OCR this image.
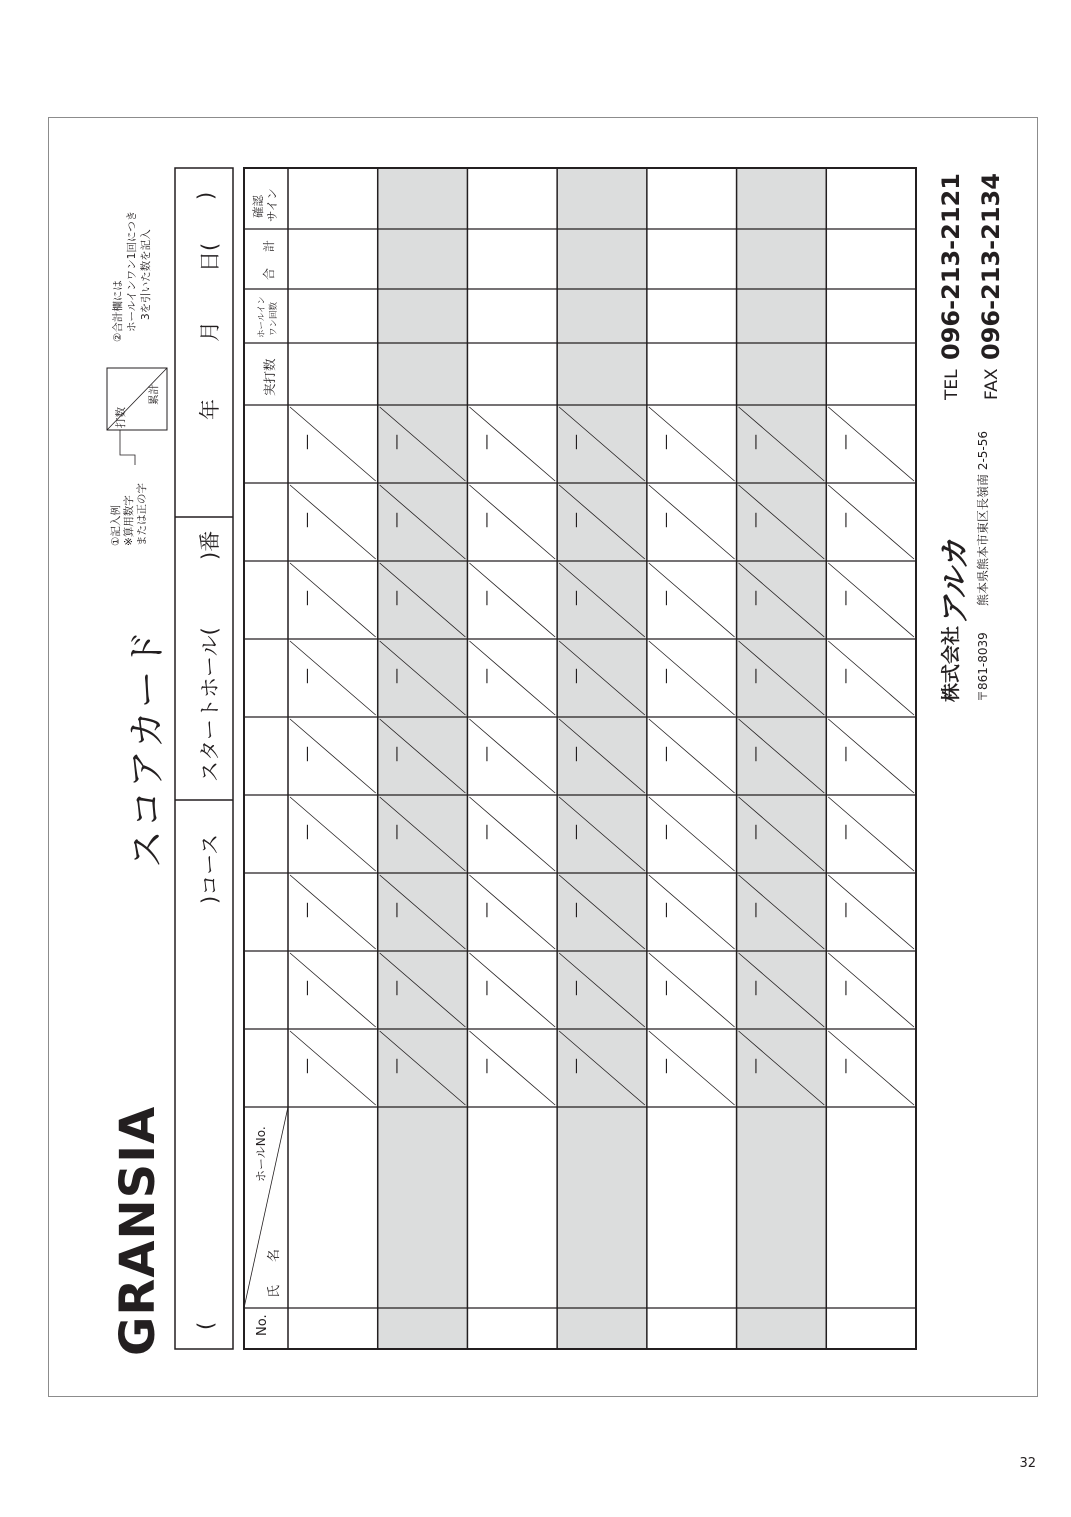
GRANSIA
スコアカード
①記入例 ※算用数字 または正の字
打数
累計
②合計欄には ホールインワン1回につき 3を引いた数を記入
(
)コース
スタートホール(
)番
年
月
日(
)
No.
氏
名
ホールNo.
実打数
ホールイン ワン回数
合
計
確認 サイン
—
—
—
—
—
—
—
—
—
—
—
—
—
—
—
—
—
—
—
—
—
—
—
—
—
—
—
—
—
—
—
—
—
—
—
—
—
—
—
—
—
—
—
—
—
—
—
—
—
—
—
—
—
—
—
—
—
—
—
—
—
—
—
株式会社
アルカ
〒861-8039
熊本県熊本市東区長嶺南 2-5-56
TEL
096-213-2121
FAX
096-213-2134
32
